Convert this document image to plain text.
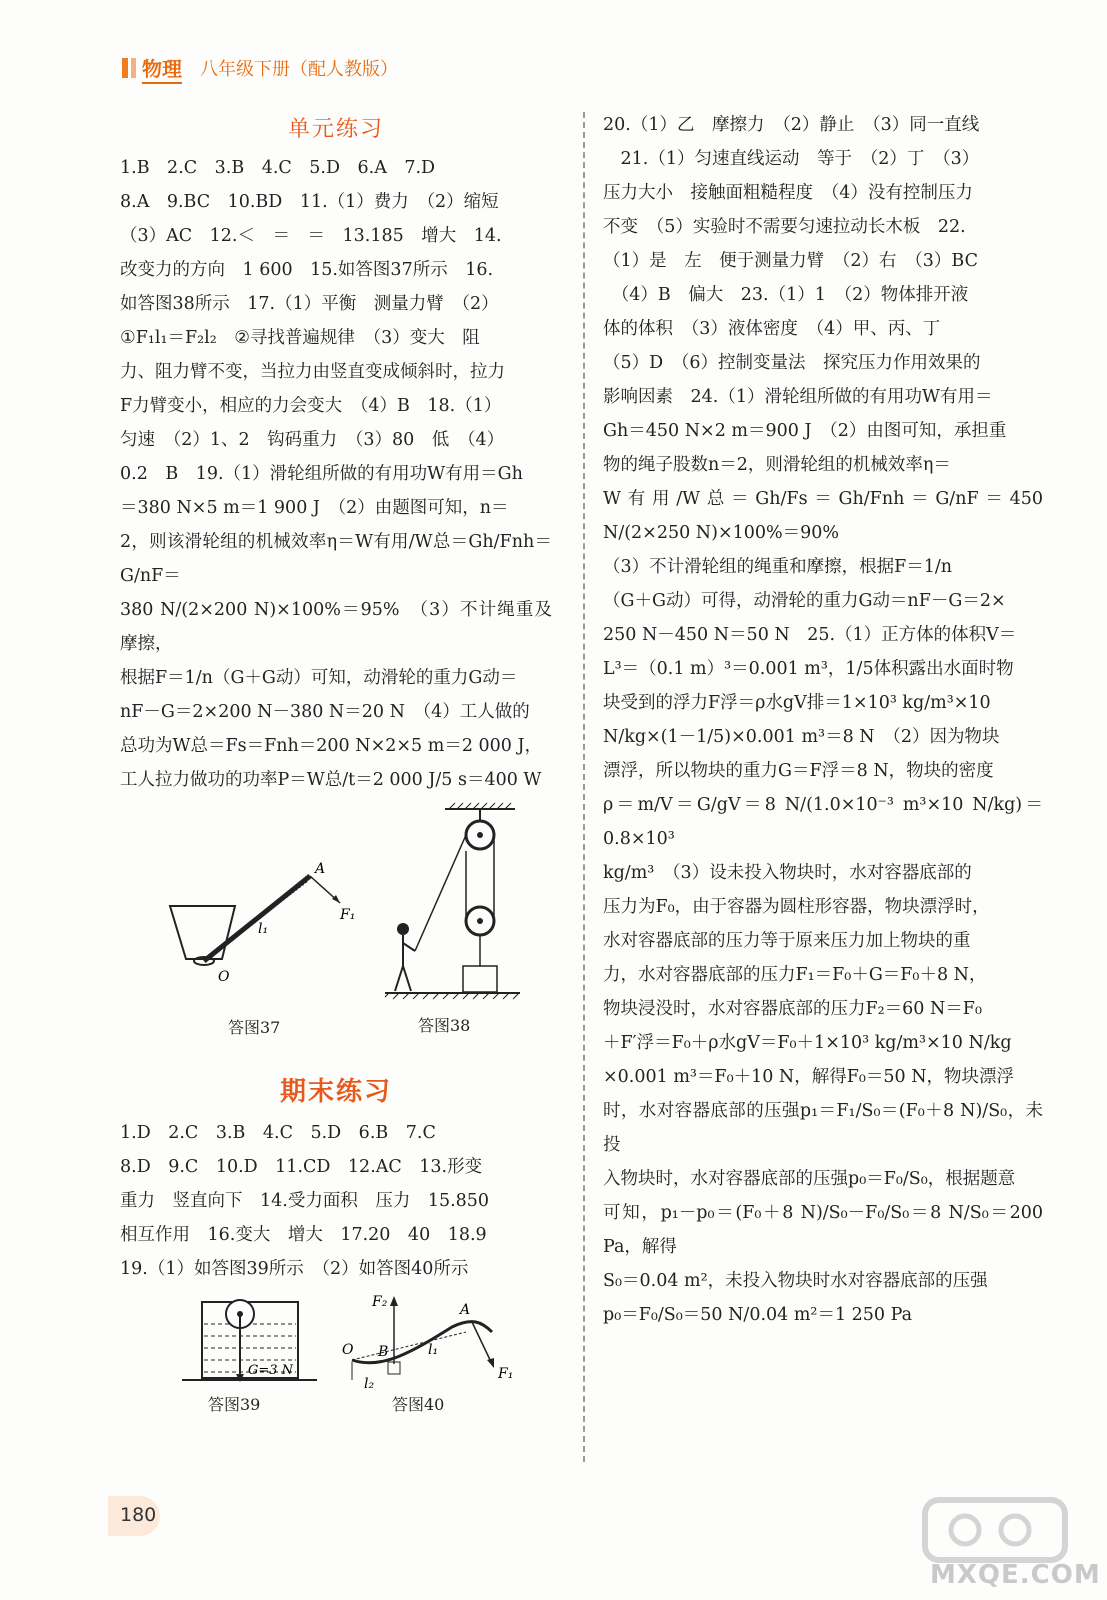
物理 八年级下册（配人教版）
单元练习
1.B　2.C　3.B　4.C　5.D　6.A　7.D
8.A　9.BC　10.BD　11.（1）费力　（2）缩短
（3）AC　12.＜　＝　＝　13.185　增大　14.
改变力的方向　1 600　15.如答图37所示　16.
如答图38所示　17.（1）平衡　测量力臂　（2）
①F₁l₁＝F₂l₂　②寻找普遍规律　（3）变大　阻
力、阻力臂不变，当拉力由竖直变成倾斜时，拉力
F力臂变小，相应的力会变大　（4）B　18.（1）
匀速　（2）1、2　钩码重力　（3）80　低　（4）
0.2　B　19.（1）滑轮组所做的有用功W有用＝Gh
＝380 N×5 m＝1 900 J　（2）由题图可知，n＝
2，则该滑轮组的机械效率η＝W有用/W总＝Gh/Fnh＝G/nF＝
380 N/(2×200 N)×100%＝95%　（3）不计绳重及摩擦，
根据F＝1/n（G＋G动）可知，动滑轮的重力G动＝
nF－G＝2×200 N－380 N＝20 N　（4）工人做的
总功为W总＝Fs＝Fnh＝200 N×2×5 m＝2 000 J，
工人拉力做功的功率P＝W总/t＝2 000 J/5 s＝400 W
A
F₁
l₁
O
答图37	答图38
期末练习
1.D　2.C　3.B　4.C　5.D　6.B　7.C
8.D　9.C　10.D　11.CD　12.AC　13.形变
重力　竖直向下　14.受力面积　压力　15.850
相互作用　16.变大　增大　17.20　40　18.9
19.（1）如答图39所示　（2）如答图40所示
G=3 N
答图39
F₂	A
O B	l₁
l₂
F₁
答图40
20.（1）乙　摩擦力　（2）静止　（3）同一直线
　21.（1）匀速直线运动　等于　（2）丁　（3）
压力大小　接触面粗糙程度　（4）没有控制压力
不变　（5）实验时不需要匀速拉动长木板　22.
（1）是　左　便于测量力臂　（2）右　（3）BC
　（4）B　偏大　23.（1）1　（2）物体排开液
体的体积　（3）液体密度　（4）甲、丙、丁
（5）D　（6）控制变量法　探究压力作用效果的
影响因素　24.（1）滑轮组所做的有用功W有用＝
Gh＝450 N×2 m＝900 J　（2）由图可知，承担重
物的绳子股数n＝2，则滑轮组的机械效率η＝
W有用/W总＝Gh/Fs＝Gh/Fnh＝G/nF＝450 N/(2×250 N)×100%＝90%
（3）不计滑轮组的绳重和摩擦，根据F＝1/n
（G＋G动）可得，动滑轮的重力G动＝nF－G＝2×
250 N－450 N＝50 N　25.（1）正方体的体积V＝
L³＝（0.1 m）³＝0.001 m³，1/5体积露出水面时物
块受到的浮力F浮＝ρ水gV排＝1×10³ kg/m³×10
N/kg×(1－1/5)×0.001 m³＝8 N　（2）因为物块
漂浮，所以物块的重力G＝F浮＝8 N，物块的密度
ρ＝m/V＝G/gV＝8 N/(1.0×10⁻³ m³×10 N/kg)＝0.8×10³
kg/m³　（3）设未投入物块时，水对容器底部的
压力为F₀，由于容器为圆柱形容器，物块漂浮时，
水对容器底部的压力等于原来压力加上物块的重
力，水对容器底部的压力F₁＝F₀＋G＝F₀＋8 N，
物块浸没时，水对容器底部的压力F₂＝60 N＝F₀
＋F′浮＝F₀＋ρ水gV＝F₀＋1×10³ kg/m³×10 N/kg
×0.001 m³＝F₀＋10 N，解得F₀＝50 N，物块漂浮
时，水对容器底部的压强p₁＝F₁/S₀＝(F₀＋8 N)/S₀，未投
入物块时，水对容器底部的压强p₀＝F₀/S₀，根据题意
可知，p₁－p₀＝(F₀＋8 N)/S₀－F₀/S₀＝8 N/S₀＝200 Pa，解得
S₀＝0.04 m²，未投入物块时水对容器底部的压强
p₀＝F₀/S₀＝50 N/0.04 m²＝1 250 Pa
180
MXQE.COM
